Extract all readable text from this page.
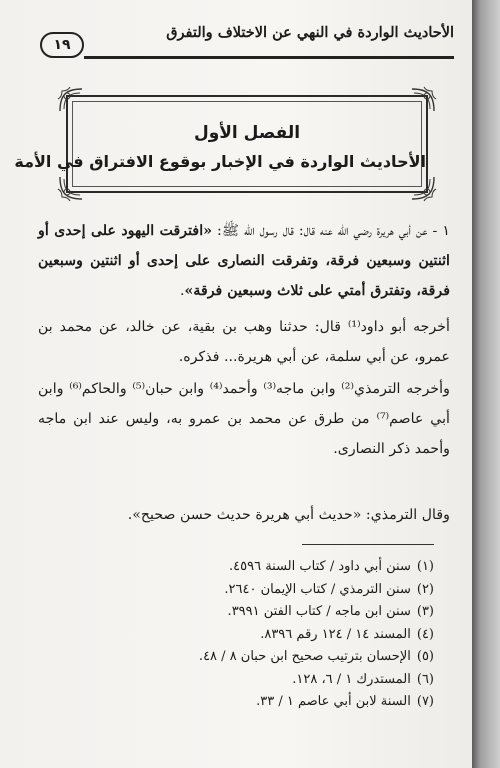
الأحاديث الواردة في النهي عن الاختلاف والتفرق
١٩
الفصل الأول
الأحاديث الواردة في الإخبار بوقوع الافتراق في الأمة

١ - عن أبي هريرة رضي الله عنه قال: قال رسول الله ﷺ: «افترقت اليهود على إحدى أو اثنتين وسبعين فرقة، وتفرقت النصارى على إحدى أو اثنتين وسبعين فرقة، وتفترق أمتي على ثلاث وسبعين فرقة».

أخرجه أبو داود⁽¹⁾ قال: حدثنا وهب بن بقية، عن خالد، عن محمد بن عمرو، عن أبي سلمة، عن أبي هريرة... فذكره.

وأخرجه الترمذي⁽²⁾ وابن ماجه⁽³⁾ وأحمد⁽⁴⁾ وابن حبان⁽⁵⁾ والحاكم⁽⁶⁾ وابن أبي عاصم⁽⁷⁾ من طرق عن محمد بن عمرو به، وليس عند ابن ماجه وأحمد ذكر النصارى.

وقال الترمذي: «حديث أبي هريرة حديث حسن صحيح».

(١)سنن أبي داود / كتاب السنة ٤٥٩٦.
(٢)سنن الترمذي / كتاب الإيمان ٢٦٤٠.
(٣)سنن ابن ماجه / كتاب الفتن ٣٩٩١.
(٤)المسند ١٤ / ١٢٤ رقم ٨٣٩٦.
(٥)الإحسان بترتيب صحيح ابن حبان ٨ / ٤٨.
(٦)المستدرك ١ / ٦، ١٢٨.
(٧)السنة لابن أبي عاصم ١ / ٣٣.
